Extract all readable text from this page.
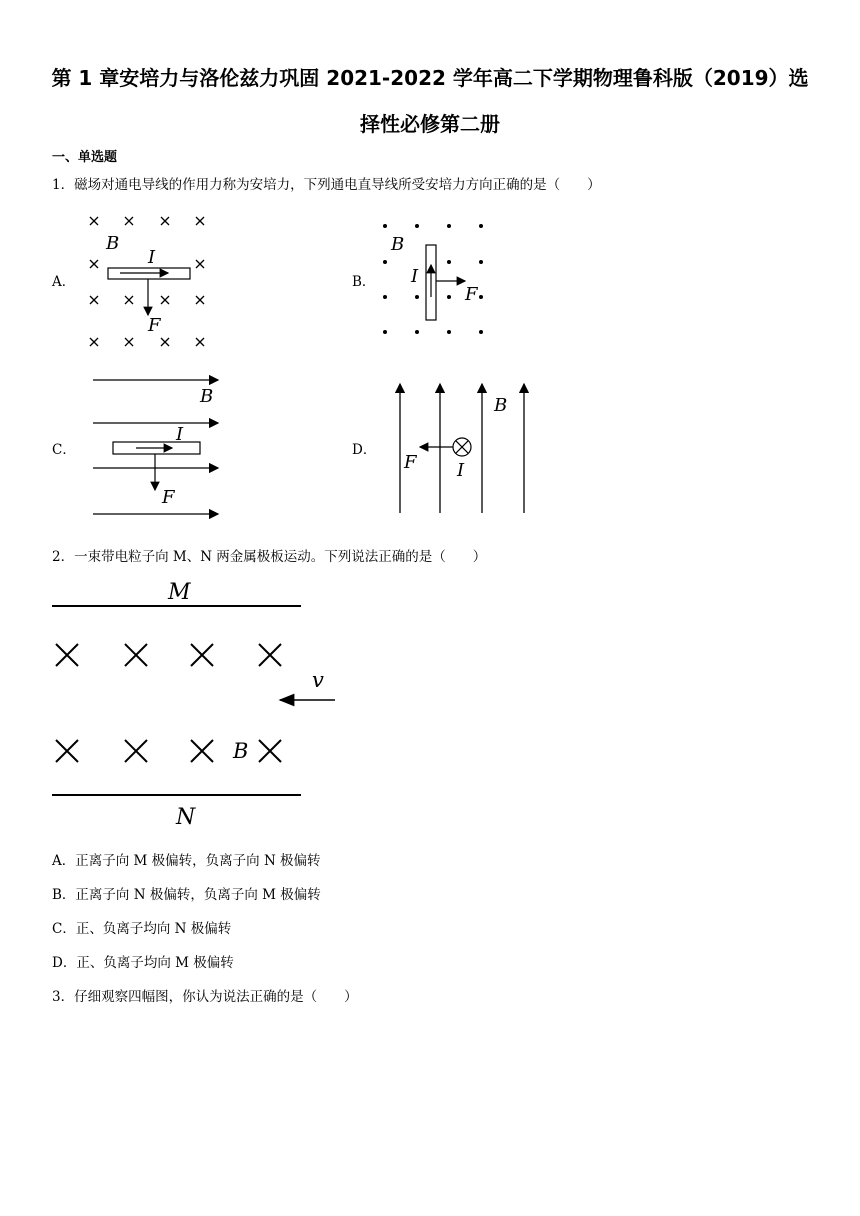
第 1 章安培力与洛伦兹力巩固 2021-2022 学年高二下学期物理鲁科版（2019）选
择性必修第二册
一、单选题
1．磁场对通电导线的作用力称为安培力，下列通电直导线所受安培力方向正确的是（　　）
A．
B
I
F
B．
B
I
F
C．
B
I
F
D．
B
I
F
2．一束带电粒子向 M、N 两金属极板运动。下列说法正确的是（　　）
M
N
v
B
A．正离子向 M 极偏转，负离子向 N 极偏转
B．正离子向 N 极偏转，负离子向 M 极偏转
C．正、负离子均向 N 极偏转
D．正、负离子均向 M 极偏转
3．仔细观察四幅图，你认为说法正确的是（　　）
